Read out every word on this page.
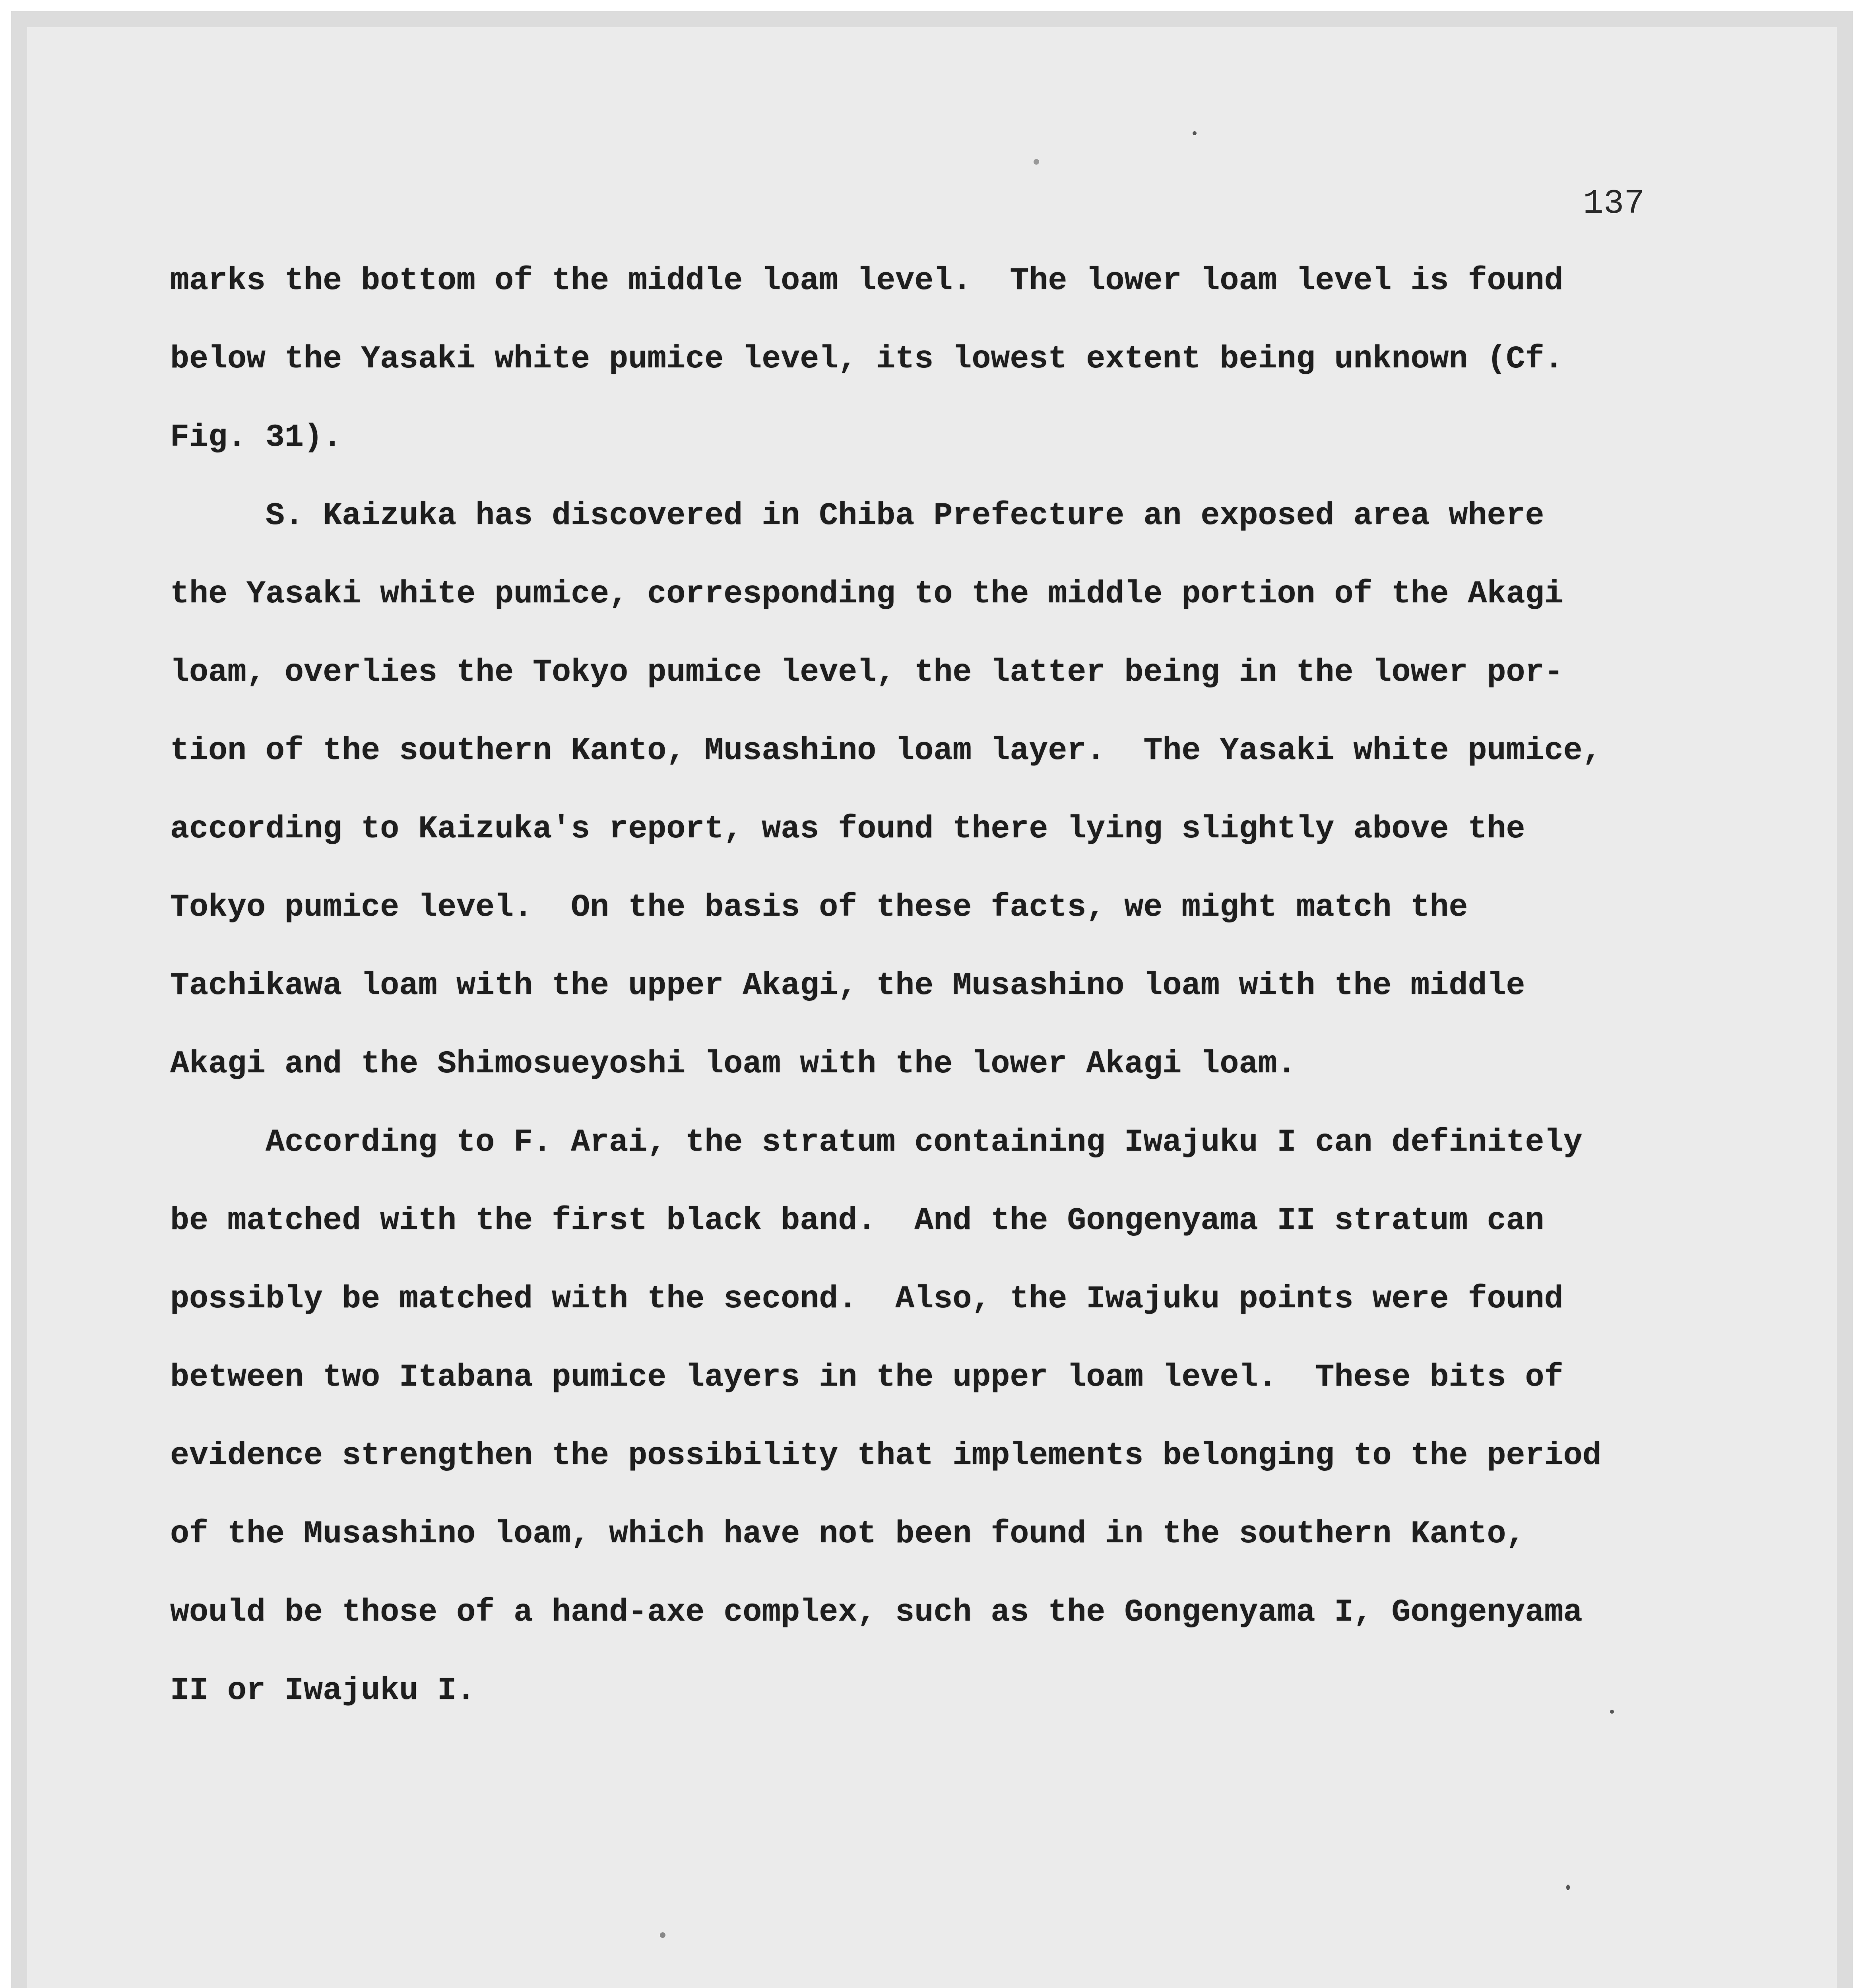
137

marks the bottom of the middle loam level.  The lower loam level is found
below the Yasaki white pumice level, its lowest extent being unknown (Cf.
Fig. 31).
S. Kaizuka has discovered in Chiba Prefecture an exposed area where
the Yasaki white pumice, corresponding to the middle portion of the Akagi
loam, overlies the Tokyo pumice level, the latter being in the lower por-
tion of the southern Kanto, Musashino loam layer.  The Yasaki white pumice,
according to Kaizuka's report, was found there lying slightly above the
Tokyo pumice level.  On the basis of these facts, we might match the
Tachikawa loam with the upper Akagi, the Musashino loam with the middle
Akagi and the Shimosueyoshi loam with the lower Akagi loam.
According to F. Arai, the stratum containing Iwajuku I can definitely
be matched with the first black band.  And the Gongenyama II stratum can
possibly be matched with the second.  Also, the Iwajuku points were found
between two Itabana pumice layers in the upper loam level.  These bits of
evidence strengthen the possibility that implements belonging to the period
of the Musashino loam, which have not been found in the southern Kanto,
would be those of a hand-axe complex, such as the Gongenyama I, Gongenyama
II or Iwajuku I.
